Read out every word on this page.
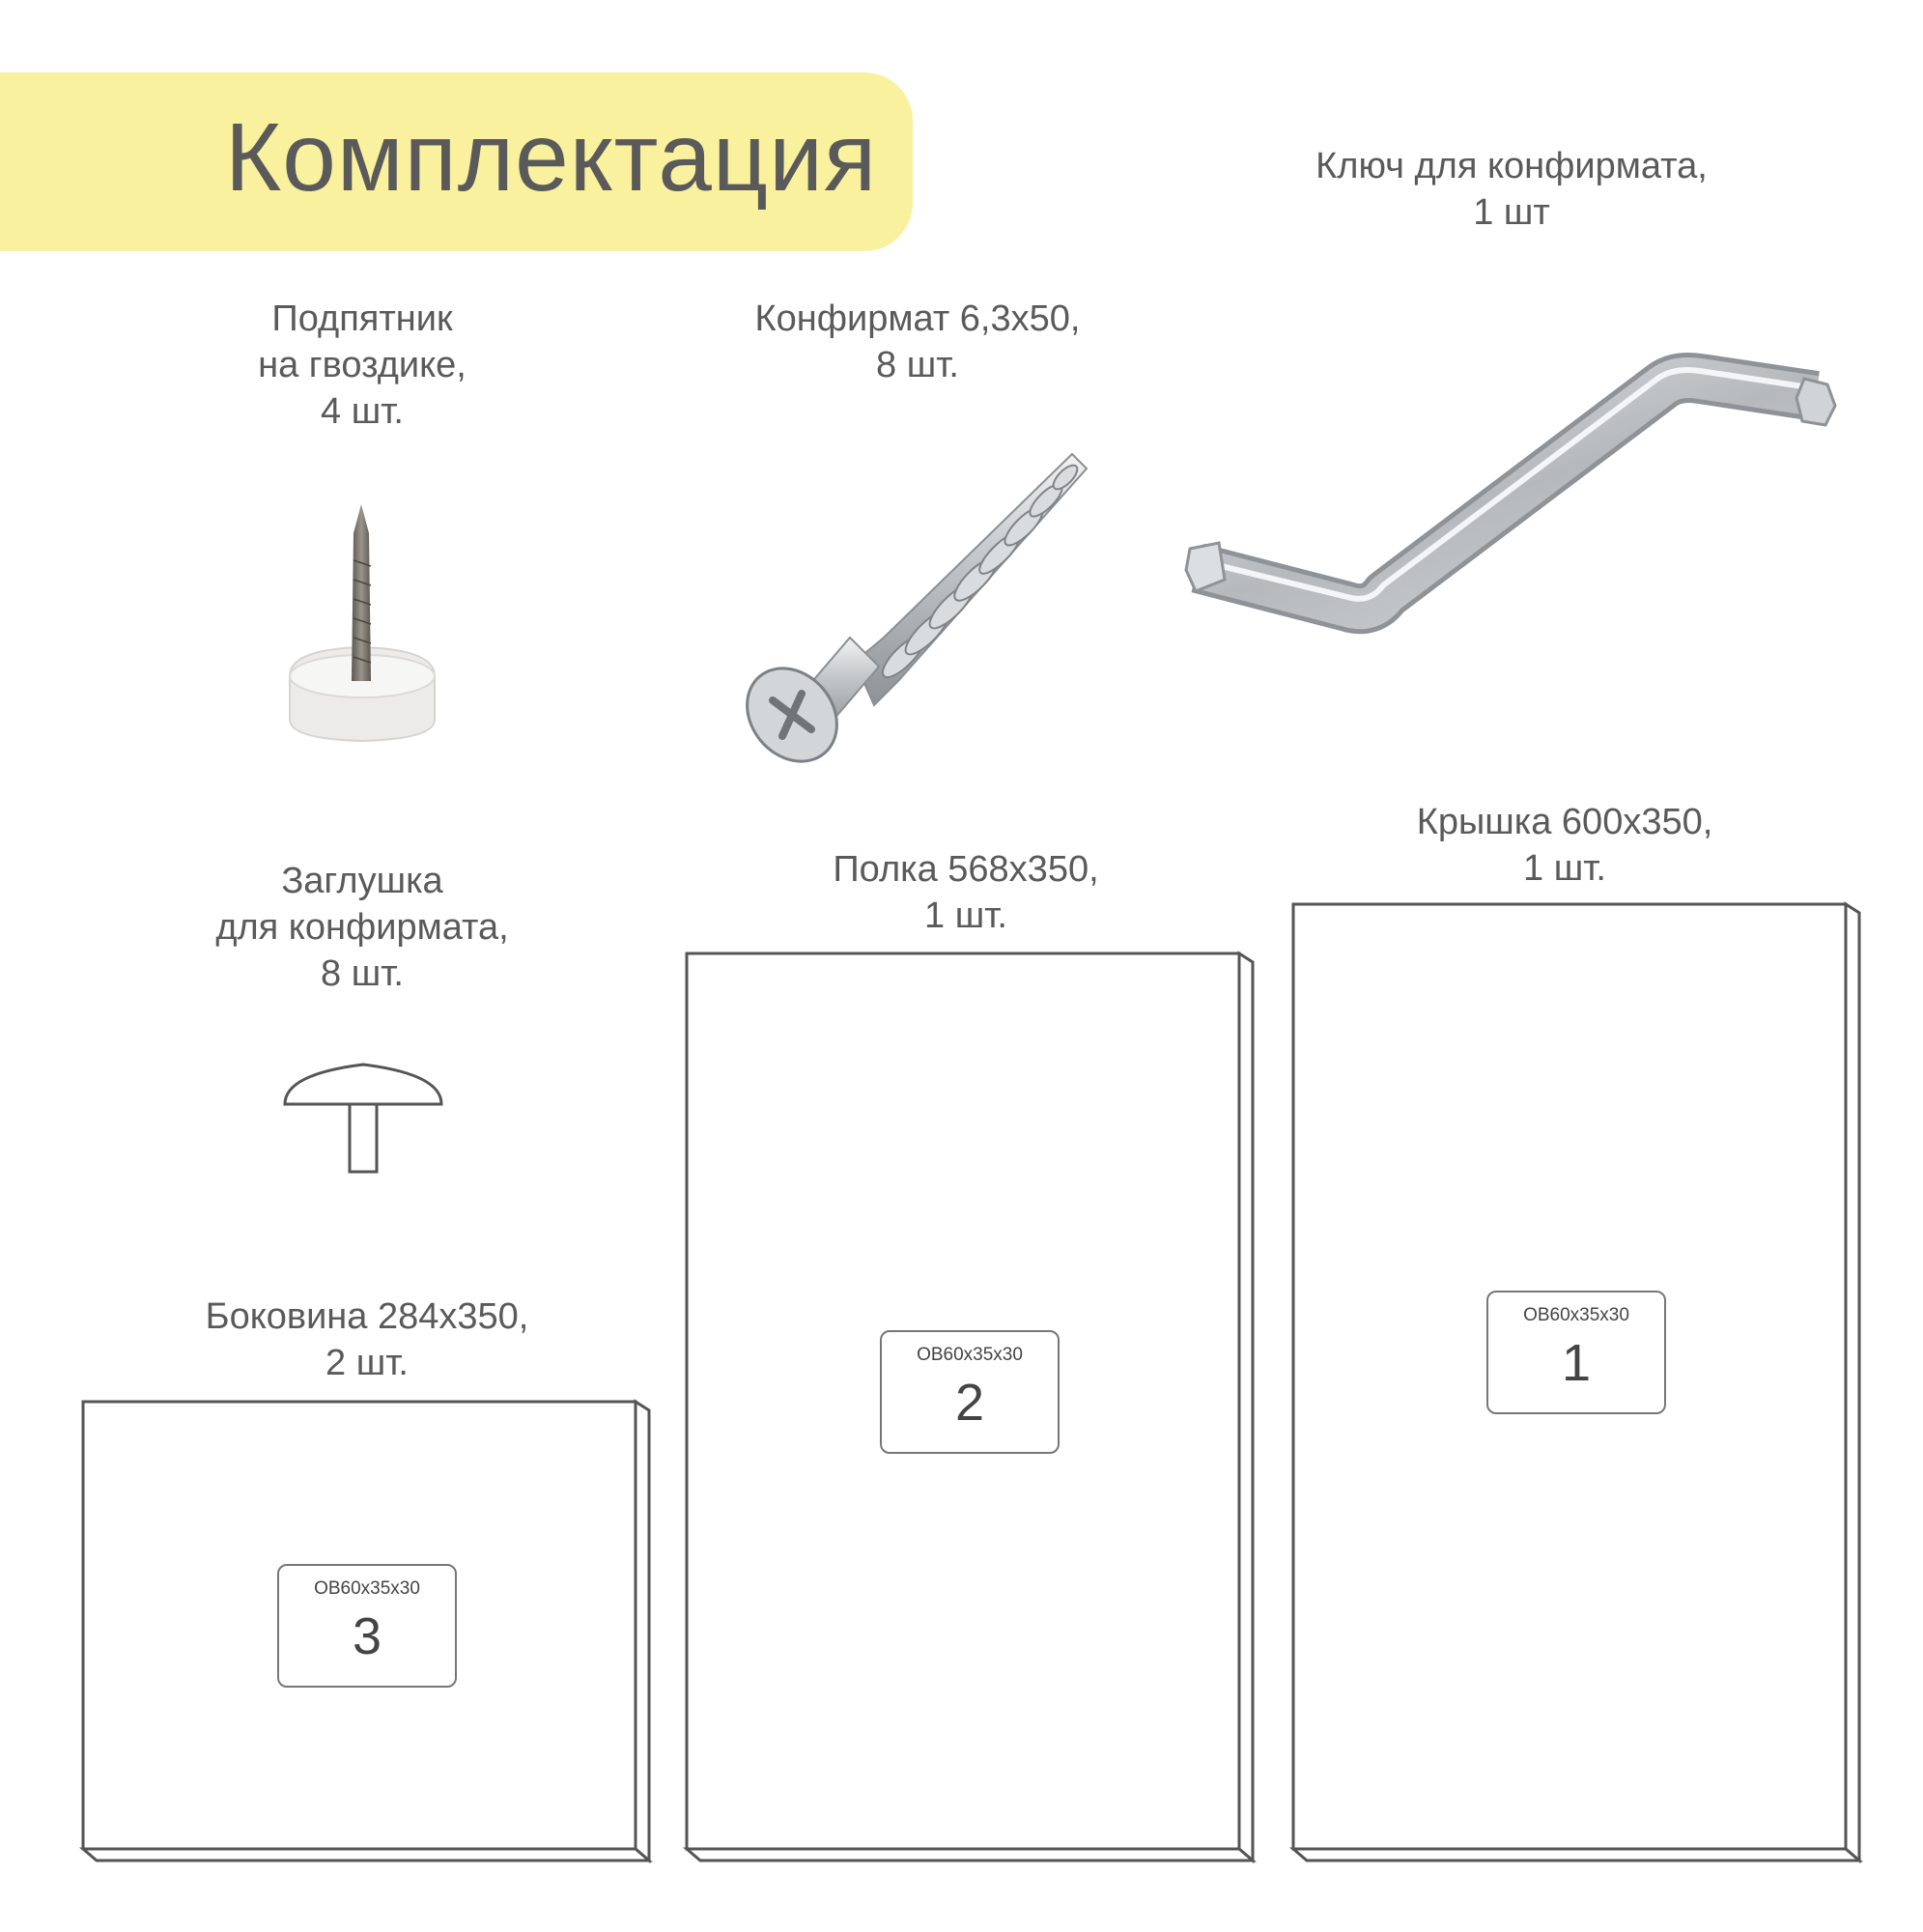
Комплектация
Подпятник
на гвоздике,
4 шт.
Конфирмат 6,3х50,
8 шт.
Ключ для конфирмата,
1 шт
Заглушка
для конфирмата,
8 шт.
Боковина 284х350,
2 шт.
Полка 568х350,
1 шт.
Крышка 600х350,
1 шт.
OB60x35x30
3
OB60x35x30
2
OB60x35x30
1
